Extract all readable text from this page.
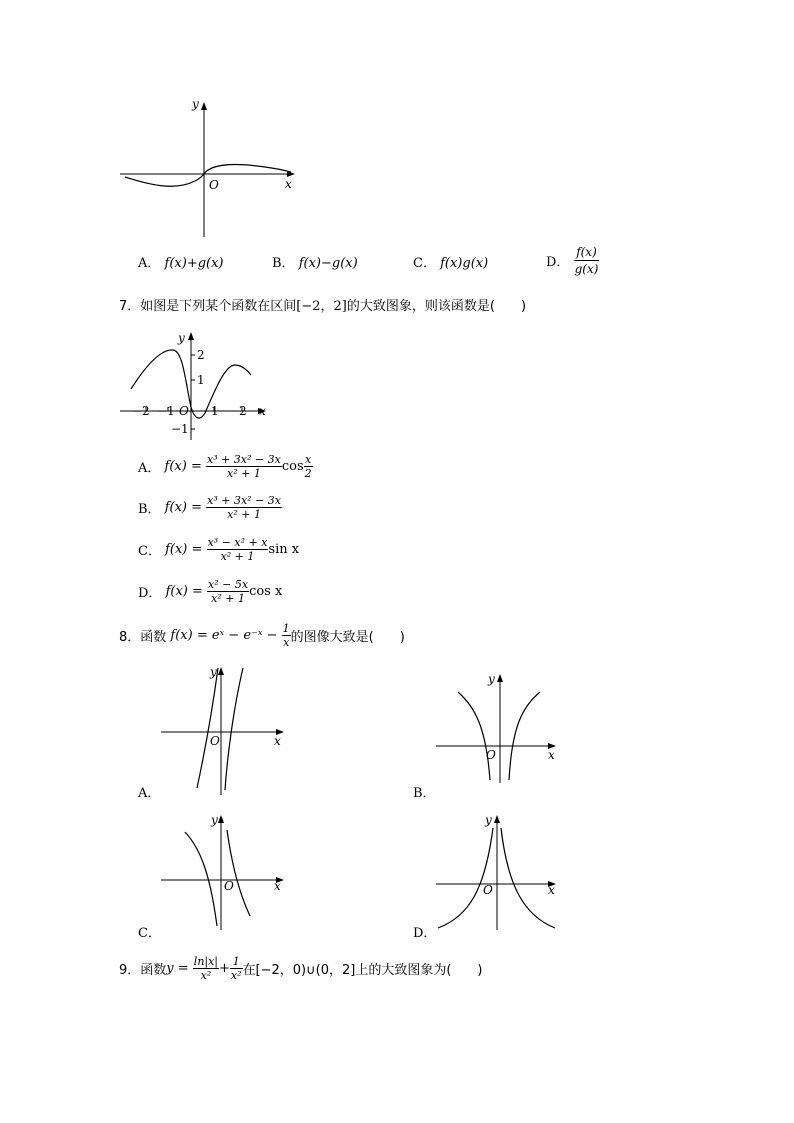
y
x
O
A． f(x)+g(x)	B． f(x)−g(x)	C． f(x)g(x)	D． $\frac{f(x)}{g(x)}$
7．如图是下列某个函数在区间[−2，2]的大致图象，则该函数是(　　)
y
x
O
2
1
−1
−2 −1	1 2
A． $f(x) = \frac{\text{x³ + 3x² − 3x}}{\text{x² + 1}}$ $\cos \frac{x}{2}$
B． $f(x) = \frac{\text{x³ + 3x² − 3x}}{\text{x² + 1}}$
C． $f(x) = \frac{\text{x³ − x² + x}}{\text{x² + 1}}$ sin x
D． $f(x) = \frac{\text{x² − 5x}}{\text{x² + 1}}$ cos x
8．函数 f(x) = eˣ − e⁻ˣ − $\frac{1}{x}$ 的图像大致是(　　)
y
x
O
A．
y
x
O
B．
y
x
O
C．
y
x
O
D．
9．函数$y = \frac{\ln|x|}{\text{x²}} + \frac{1}{\text{x²}}$ 在[−2，0)∪(0，2]上的大致图象为(　　)
